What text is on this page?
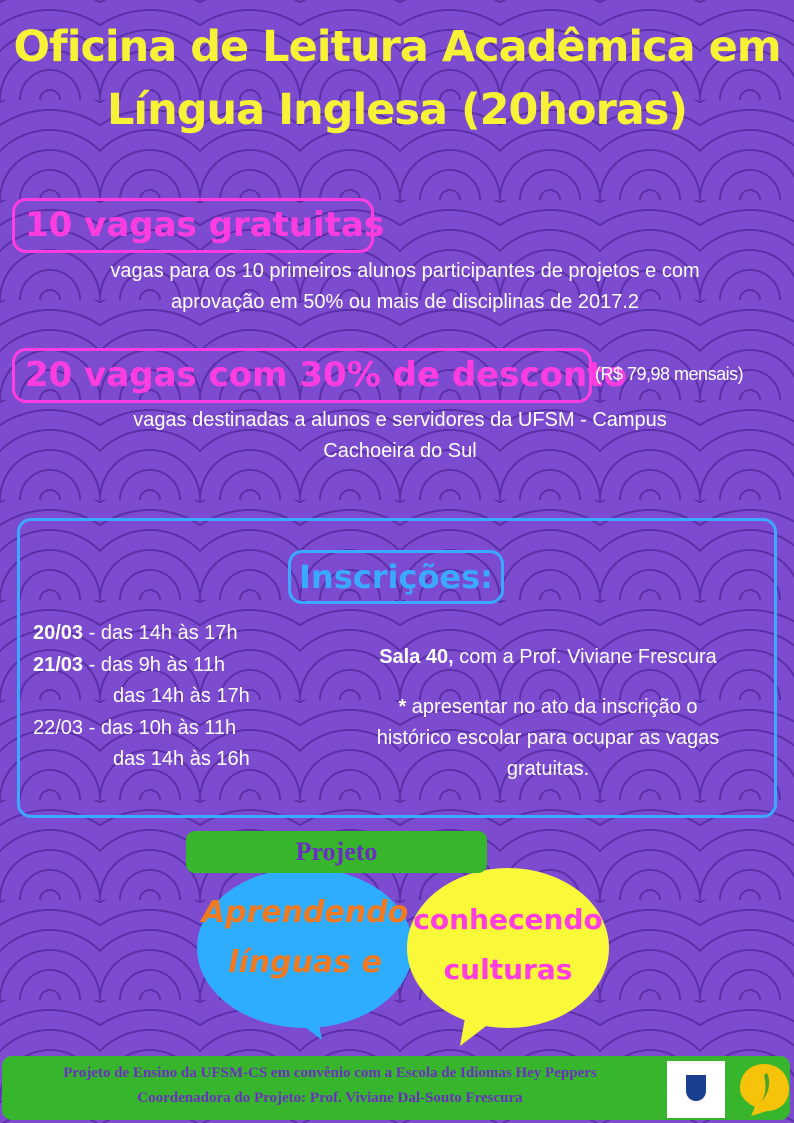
Oficina de Leitura Acadêmica em
Língua Inglesa (20horas)
10 vagas gratuitas
vagas para os 10 primeiros alunos participantes de projetos e com
aprovação em 50% ou mais de disciplinas de 2017.2
20 vagas com 30% de desconto
(R$ 79,98 mensais)
vagas destinadas a alunos e servidores da UFSM - Campus
Cachoeira do Sul
Inscrições:
20/03 - das 14h às 17h
21/03 - das 9h às 11h
das 14h às 17h
22/03 - das 10h às 11h
das 14h às 16h
Sala 40, com a Prof. Viviane Frescura
* apresentar no ato da inscrição o
histórico escolar para ocupar as vagas
gratuitas.
Projeto
Aprendendo
línguas e
conhecendo
culturas
Projeto de Ensino da UFSM-CS em convênio com a Escola de Idiomas Hey Peppers
Coordenadora do Projeto: Prof. Viviane Dal-Souto Frescura
